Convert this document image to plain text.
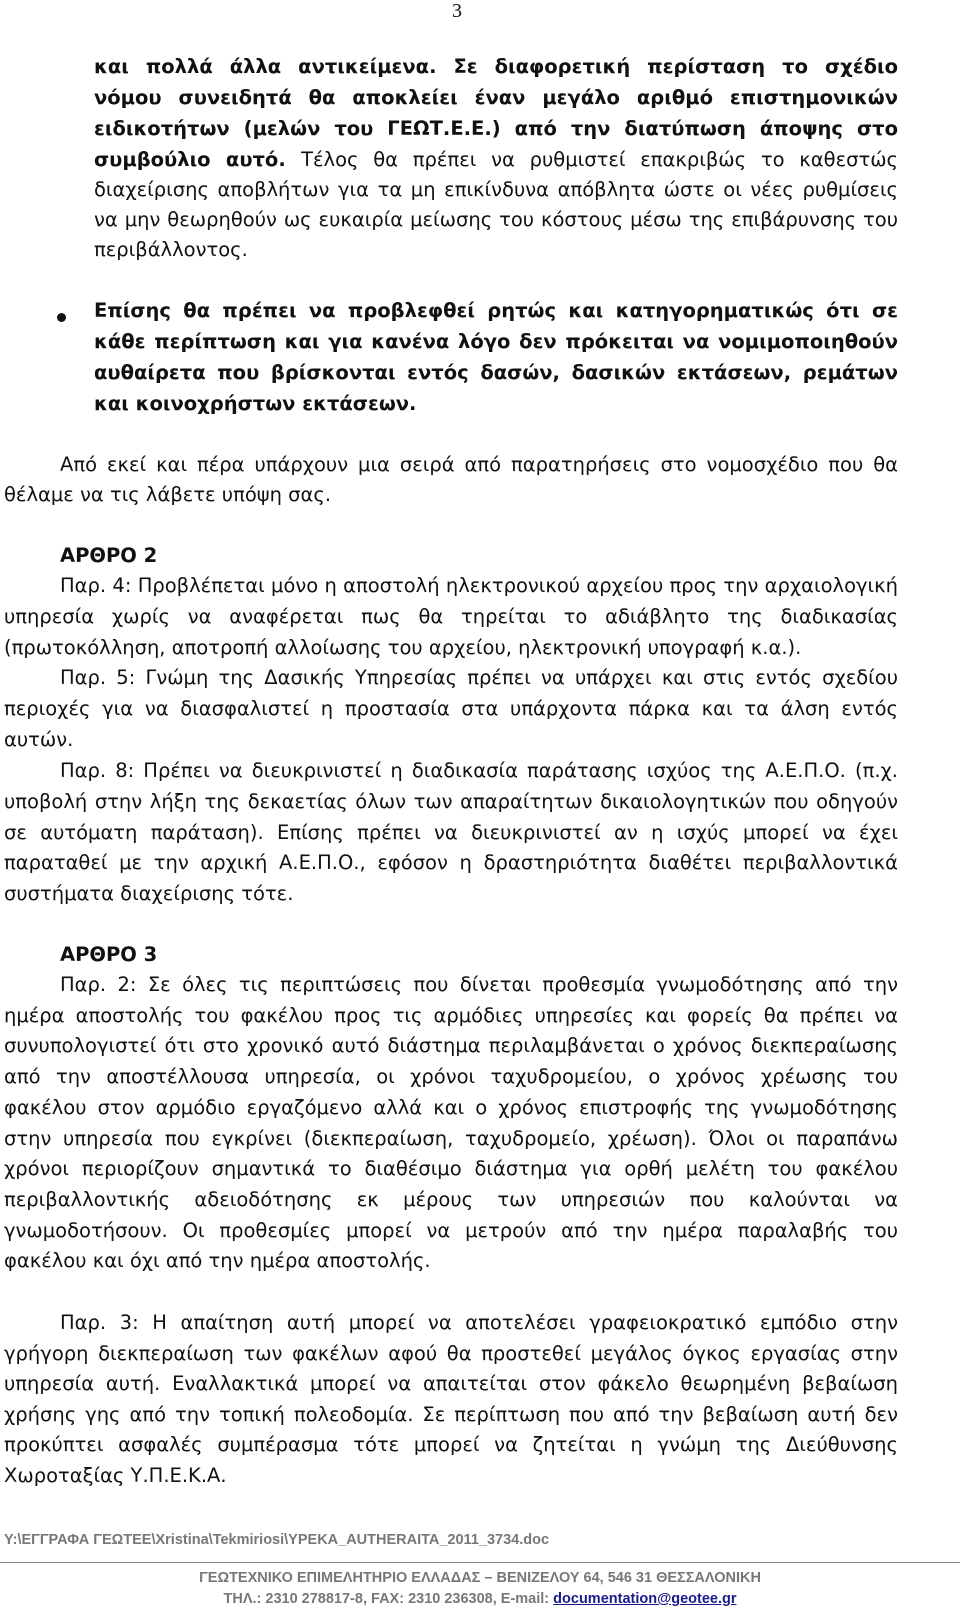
3
και πολλά άλλα αντικείμενα. Σε διαφορετική περίσταση το σχέδιο
νόμου συνειδητά θα αποκλείει έναν μεγάλο αριθμό επιστημονικών
ειδικοτήτων (μελών του ΓΕΩΤ.Ε.Ε.) από την διατύπωση άποψης στο
συμβούλιο αυτό. Τέλος θα πρέπει να ρυθμιστεί επακριβώς το καθεστώς
διαχείρισης αποβλήτων για τα μη επικίνδυνα απόβλητα ώστε οι νέες ρυθμίσεις
να μην θεωρηθούν ως ευκαιρία μείωσης του κόστους μέσω της επιβάρυνσης του
περιβάλλοντος.
Επίσης θα πρέπει να προβλεφθεί ρητώς και κατηγορηματικώς ότι σε
κάθε περίπτωση και για κανένα λόγο δεν πρόκειται να νομιμοποιηθούν
αυθαίρετα που βρίσκονται εντός δασών, δασικών εκτάσεων, ρεμάτων
και κοινοχρήστων εκτάσεων.
Από εκεί και πέρα υπάρχουν μια σειρά από παρατηρήσεις στο νομοσχέδιο που θα
θέλαμε να τις λάβετε υπόψη σας.
ΑΡΘΡΟ 2
Παρ. 4: Προβλέπεται μόνο η αποστολή ηλεκτρονικού αρχείου προς την αρχαιολογική
υπηρεσία χωρίς να αναφέρεται πως θα τηρείται το αδιάβλητο της διαδικασίας
(πρωτοκόλληση, αποτροπή αλλοίωσης του αρχείου, ηλεκτρονική υπογραφή κ.α.).
Παρ. 5: Γνώμη της Δασικής Υπηρεσίας πρέπει να υπάρχει και στις εντός σχεδίου
περιοχές για να διασφαλιστεί η προστασία στα υπάρχοντα πάρκα και τα άλση εντός
αυτών.
Παρ. 8: Πρέπει να διευκρινιστεί η διαδικασία παράτασης ισχύος της Α.Ε.Π.Ο. (π.χ.
υποβολή στην λήξη της δεκαετίας όλων των απαραίτητων δικαιολογητικών που οδηγούν
σε αυτόματη παράταση). Επίσης πρέπει να διευκρινιστεί αν η ισχύς μπορεί να έχει
παραταθεί με την αρχική Α.Ε.Π.Ο., εφόσον η δραστηριότητα διαθέτει περιβαλλοντικά
συστήματα διαχείρισης τότε.
ΑΡΘΡΟ 3
Παρ. 2: Σε όλες τις περιπτώσεις που δίνεται προθεσμία γνωμοδότησης από την
ημέρα αποστολής του φακέλου προς τις αρμόδιες υπηρεσίες και φορείς θα πρέπει να
συνυπολογιστεί ότι στο χρονικό αυτό διάστημα περιλαμβάνεται ο χρόνος διεκπεραίωσης
από την αποστέλλουσα υπηρεσία, οι χρόνοι ταχυδρομείου, ο χρόνος χρέωσης του
φακέλου στον αρμόδιο εργαζόμενο αλλά και ο χρόνος επιστροφής της γνωμοδότησης
στην υπηρεσία που εγκρίνει (διεκπεραίωση, ταχυδρομείο, χρέωση). Όλοι οι παραπάνω
χρόνοι περιορίζουν σημαντικά το διαθέσιμο διάστημα για ορθή μελέτη του φακέλου
περιβαλλοντικής αδειοδότησης εκ μέρους των υπηρεσιών που καλούνται να
γνωμοδοτήσουν. Οι προθεσμίες μπορεί να μετρούν από την ημέρα παραλαβής του
φακέλου και όχι από την ημέρα αποστολής.
Παρ. 3: Η απαίτηση αυτή μπορεί να αποτελέσει γραφειοκρατικό εμπόδιο στην
γρήγορη διεκπεραίωση των φακέλων αφού θα προστεθεί μεγάλος όγκος εργασίας στην
υπηρεσία αυτή. Εναλλακτικά μπορεί να απαιτείται στον φάκελο θεωρημένη βεβαίωση
χρήσης γης από την τοπική πολεοδομία. Σε περίπτωση που από την βεβαίωση αυτή δεν
προκύπτει ασφαλές συμπέρασμα τότε μπορεί να ζητείται η γνώμη της Διεύθυνσης
Χωροταξίας Υ.Π.Ε.Κ.Α.
Y:\ΕΓΓΡΑΦΑ ΓΕΩΤΕΕ\Xristina\Tekmiriosi\YPEKA_AUTHERAITA_2011_3734.doc
ΓΕΩΤΕΧΝΙΚΟ ΕΠΙΜΕΛΗΤΗΡΙΟ ΕΛΛΑΔΑΣ – ΒΕΝΙΖΕΛΟΥ 64, 546 31 ΘΕΣΣΑΛΟΝΙΚΗ
ΤΗΛ.: 2310 278817-8, FAX: 2310 236308, E-mail: documentation@geotee.gr
